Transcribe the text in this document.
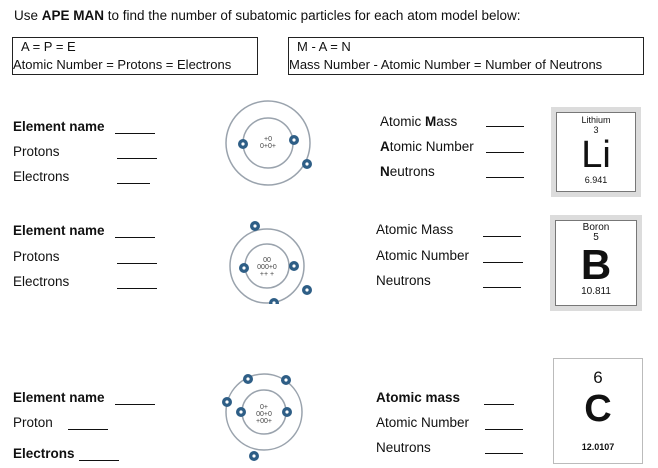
Use APE MAN to find the number of subatomic particles for each atom model below:
A = P = E
Atomic Number = Protons = Electrons
M - A = N
Mass Number - Atomic Number = Number of Neutrons
Element name
Protons
Electrons
+0
0+0+
Atomic Mass
Atomic Number
Neutrons
Lithium
3
Li
6.941
Element name
Protons
Electrons
00
000+0
++ +
Atomic Mass
Atomic Number
Neutrons
Boron
5
B
10.811
Element name
Proton
Electrons
0+
00+0
+00+
Atomic mass
Atomic Number
Neutrons
6
C
12.0107
